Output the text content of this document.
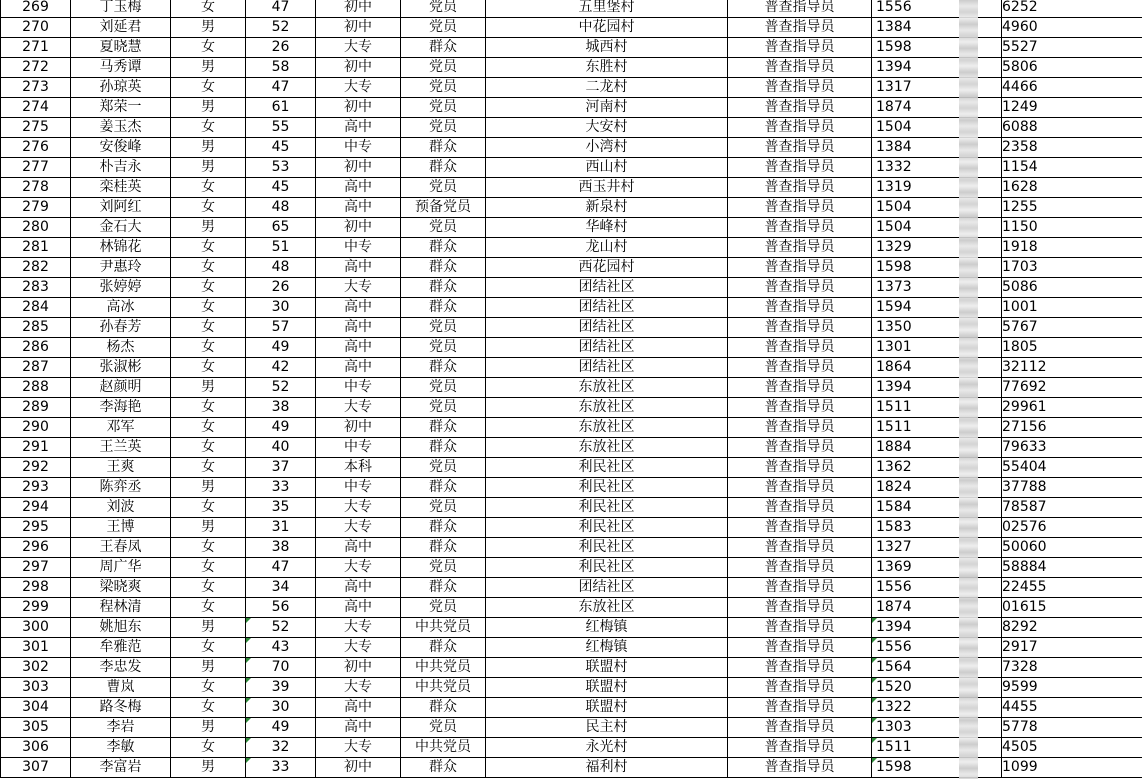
269	丁玉梅	女	47	初中	党员	五里堡村	普查指导员	1556	6252
270	刘延君	男	52	初中	党员	中花园村	普查指导员	1384	4960
271	夏晓慧	女	26	大专	群众	城西村	普查指导员	1598	5527
272	马秀谭	男	58	初中	党员	东胜村	普查指导员	1394	5806
273	孙琼英	女	47	大专	党员	二龙村	普查指导员	1317	4466
274	郑荣一	男	61	初中	党员	河南村	普查指导员	1874	1249
275	姜玉杰	女	55	高中	党员	大安村	普查指导员	1504	6088
276	安俊峰	男	45	中专	群众	小湾村	普查指导员	1384	2358
277	朴吉永	男	53	初中	群众	西山村	普查指导员	1332	1154
278	栾桂英	女	45	高中	党员	西玉井村	普查指导员	1319	1628
279	刘阿红	女	48	高中	预备党员	新泉村	普查指导员	1504	1255
280	金石大	男	65	初中	党员	华峰村	普查指导员	1504	1150
281	林锦花	女	51	中专	群众	龙山村	普查指导员	1329	1918
282	尹惠玲	女	48	高中	群众	西花园村	普查指导员	1598	1703
283	张婷婷	女	26	大专	群众	团结社区	普查指导员	1373	5086
284	高冰	女	30	高中	群众	团结社区	普查指导员	1594	1001
285	孙春芳	女	57	高中	党员	团结社区	普查指导员	1350	5767
286	杨杰	女	49	高中	党员	团结社区	普查指导员	1301	1805
287	张淑彬	女	42	高中	群众	团结社区	普查指导员	1864	32112
288	赵颜明	男	52	中专	党员	东放社区	普查指导员	1394	77692
289	李海艳	女	38	大专	党员	东放社区	普查指导员	1511	29961
290	邓军	女	49	初中	群众	东放社区	普查指导员	1511	27156
291	王兰英	女	40	中专	群众	东放社区	普查指导员	1884	79633
292	王爽	女	37	本科	党员	利民社区	普查指导员	1362	55404
293	陈弈丞	男	33	中专	群众	利民社区	普查指导员	1824	37788
294	刘波	女	35	大专	党员	利民社区	普查指导员	1584	78587
295	王博	男	31	大专	群众	利民社区	普查指导员	1583	02576
296	王春凤	女	38	高中	群众	利民社区	普查指导员	1327	50060
297	周广华	女	47	大专	党员	利民社区	普查指导员	1369	58884
298	梁晓爽	女	34	高中	群众	团结社区	普查指导员	1556	22455
299	程林清	女	56	高中	党员	东放社区	普查指导员	1874	01615
300	姚旭东	男	52	大专	中共党员	红梅镇	普查指导员	1394	8292
301	牟雅范	女	43	大专	群众	红梅镇	普查指导员	1556	2917
302	李忠发	男	70	初中	中共党员	联盟村	普查指导员	1564	7328
303	曹岚	女	39	大专	中共党员	联盟村	普查指导员	1520	9599
304	路冬梅	女	30	高中	群众	联盟村	普查指导员	1322	4455
305	李岩	男	49	高中	党员	民主村	普查指导员	1303	5778
306	李敏	女	32	大专	中共党员	永光村	普查指导员	1511	4505
307	李富岩	男	33	初中	群众	福利村	普查指导员	1598	1099
